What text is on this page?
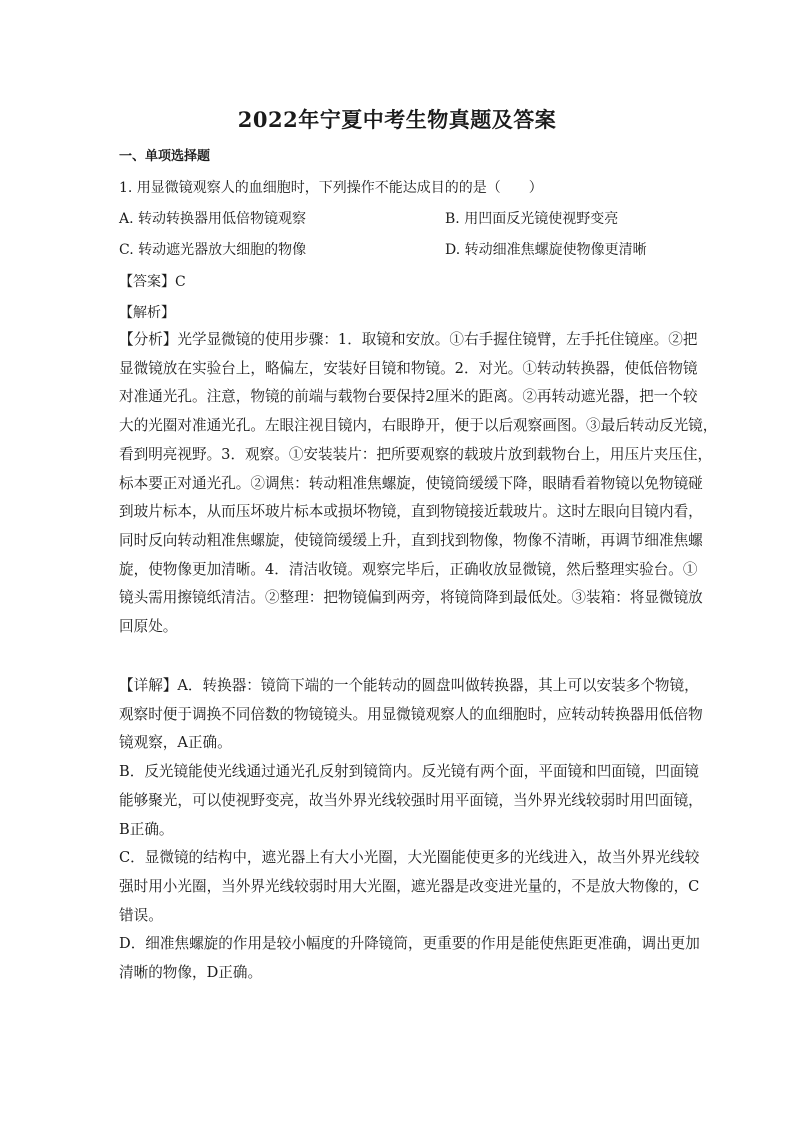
2022年宁夏中考生物真题及答案
一、单项选择题
1. 用显微镜观察人的血细胞时，下列操作不能达成目的的是（　　）
A. 转动转换器用低倍物镜观察	B. 用凹面反光镜使视野变亮
C. 转动遮光器放大细胞的物像	D. 转动细准焦螺旋使物像更清晰
【答案】C
【解析】
【分析】光学显微镜的使用步骤：1．取镜和安放。①右手握住镜臂，左手托住镜座。②把
显微镜放在实验台上，略偏左，安装好目镜和物镜。2．对光。①转动转换器，使低倍物镜
对准通光孔。注意，物镜的前端与载物台要保持2厘米的距离。②再转动遮光器，把一个较
大的光圈对准通光孔。左眼注视目镜内，右眼睁开，便于以后观察画图。③最后转动反光镜，
看到明亮视野。3．观察。①安装装片：把所要观察的载玻片放到载物台上，用压片夹压住，
标本要正对通光孔。②调焦：转动粗准焦螺旋，使镜筒缓缓下降，眼睛看着物镜以免物镜碰
到玻片标本，从而压坏玻片标本或损坏物镜，直到物镜接近载玻片。这时左眼向目镜内看，
同时反向转动粗准焦螺旋，使镜筒缓缓上升，直到找到物像，物像不清晰，再调节细准焦螺
旋，使物像更加清晰。4．清洁收镜。观察完毕后，正确收放显微镜，然后整理实验台。①
镜头需用擦镜纸清洁。②整理：把物镜偏到两旁，将镜筒降到最低处。③装箱：将显微镜放
回原处。
【详解】A．转换器：镜筒下端的一个能转动的圆盘叫做转换器，其上可以安装多个物镜，
观察时便于调换不同倍数的物镜镜头。用显微镜观察人的血细胞时，应转动转换器用低倍物
镜观察，A正确。
B．反光镜能使光线通过通光孔反射到镜筒内。反光镜有两个面，平面镜和凹面镜，凹面镜
能够聚光，可以使视野变亮，故当外界光线较强时用平面镜，当外界光线较弱时用凹面镜，
B正确。
C．显微镜的结构中，遮光器上有大小光圈，大光圈能使更多的光线进入，故当外界光线较
强时用小光圈，当外界光线较弱时用大光圈，遮光器是改变进光量的，不是放大物像的，C
错误。
D．细准焦螺旋的作用是较小幅度的升降镜筒，更重要的作用是能使焦距更准确，调出更加
清晰的物像，D正确。
